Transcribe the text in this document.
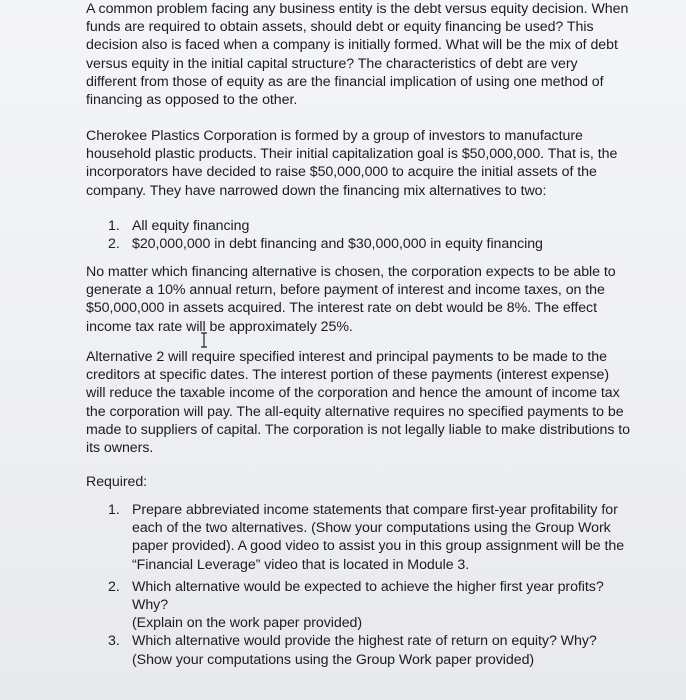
A common problem facing any business entity is the debt versus equity decision. When
funds are required to obtain assets, should debt or equity financing be used? This
decision also is faced when a company is initially formed. What will be the mix of debt
versus equity in the initial capital structure? The characteristics of debt are very
different from those of equity as are the financial implication of using one method of
financing as opposed to the other.
Cherokee Plastics Corporation is formed by a group of investors to manufacture
household plastic products. Their initial capitalization goal is $50,000,000. That is, the
incorporators have decided to raise $50,000,000 to acquire the initial assets of the
company. They have narrowed down the financing mix alternatives to two:
1. All equity financing
2. $20,000,000 in debt financing and $30,000,000 in equity financing
No matter which financing alternative is chosen, the corporation expects to be able to
generate a 10% annual return, before payment of interest and income taxes, on the
$50,000,000 in assets acquired. The interest rate on debt would be 8%. The effect
income tax rate will be approximately 25%.
Alternative 2 will require specified interest and principal payments to be made to the
creditors at specific dates. The interest portion of these payments (interest expense)
will reduce the taxable income of the corporation and hence the amount of income tax
the corporation will pay. The all-equity alternative requires no specified payments to be
made to suppliers of capital. The corporation is not legally liable to make distributions to
its owners.
Required:
1. Prepare abbreviated income statements that compare first-year profitability for
each of the two alternatives. (Show your computations using the Group Work
paper provided). A good video to assist you in this group assignment will be the
“Financial Leverage” video that is located in Module 3.
2. Which alternative would be expected to achieve the higher first year profits?
Why?
(Explain on the work paper provided)
3. Which alternative would provide the highest rate of return on equity? Why?
(Show your computations using the Group Work paper provided)
